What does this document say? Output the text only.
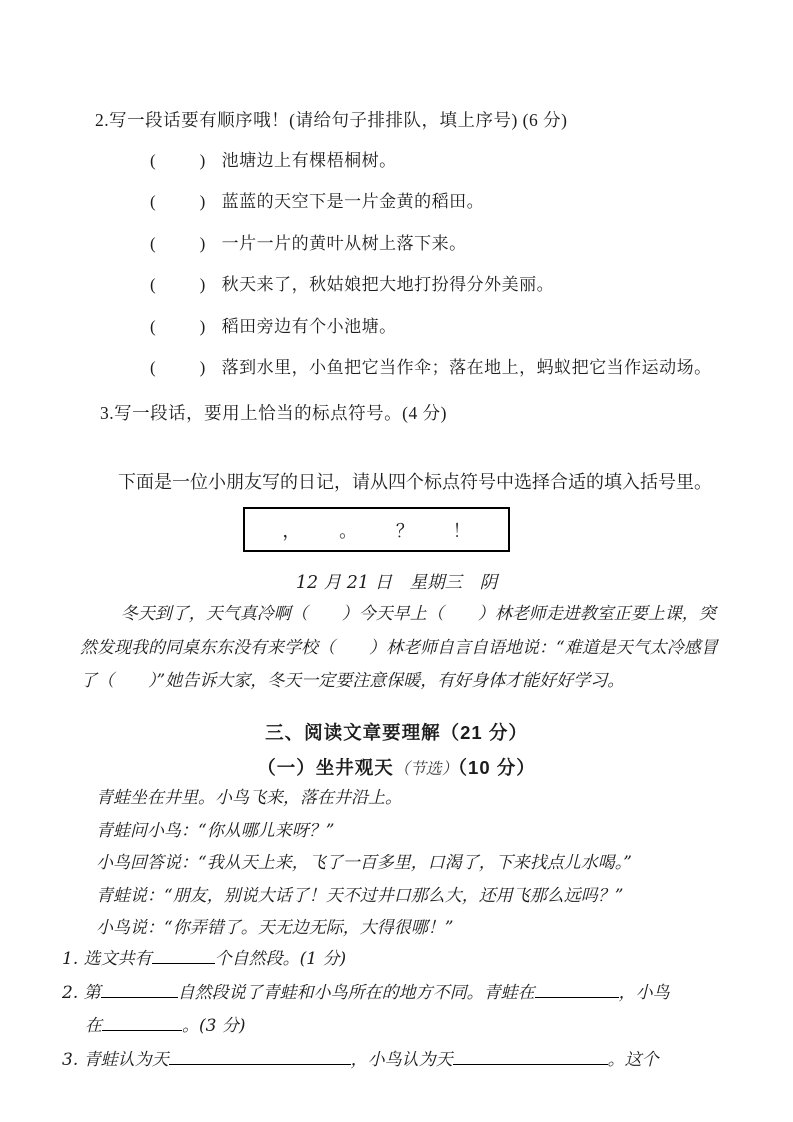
2.写一段话要有顺序哦！(请给句子排排队，填上序号) (6 分)
(	) 池塘边上有棵梧桐树。
(	) 蓝蓝的天空下是一片金黄的稻田。
(	) 一片一片的黄叶从树上落下来。
(	) 秋天来了，秋姑娘把大地打扮得分外美丽。
(	) 稻田旁边有个小池塘。
(	) 落到水里，小鱼把它当作伞；落在地上，蚂蚁把它当作运动场。
3.写一段话，要用上恰当的标点符号。(4 分)
下面是一位小朋友写的日记，请从四个标点符号中选择合适的填入括号里。
， 。 ？ ！
12 月 21 日　星期三　阴
冬天到了，天气真冷啊（　　）今天早上（　　）林老师走进教室正要上课，突
然发现我的同桌东东没有来学校（　　）林老师自言自语地说：“难道是天气太冷感冒
了（　　）”她告诉大家，冬天一定要注意保暖，有好身体才能好好学习。
三、阅读文章要理解（21 分）
（一）坐井观天（节选）（10 分）
青蛙坐在井里。小鸟飞来，落在井沿上。
青蛙问小鸟：“你从哪儿来呀？”
小鸟回答说：“我从天上来，飞了一百多里，口渴了，下来找点儿水喝。”
青蛙说：“朋友，别说大话了！天不过井口那么大，还用飞那么远吗？”
小鸟说：“你弄错了。天无边无际，大得很哪！”
1. 选文共有	个自然段。(1 分)
2. 第	自然段说了青蛙和小鸟所在的地方不同。青蛙在	，小鸟
在	。(3 分)
3. 青蛙认为天	，小鸟认为天	。这个
